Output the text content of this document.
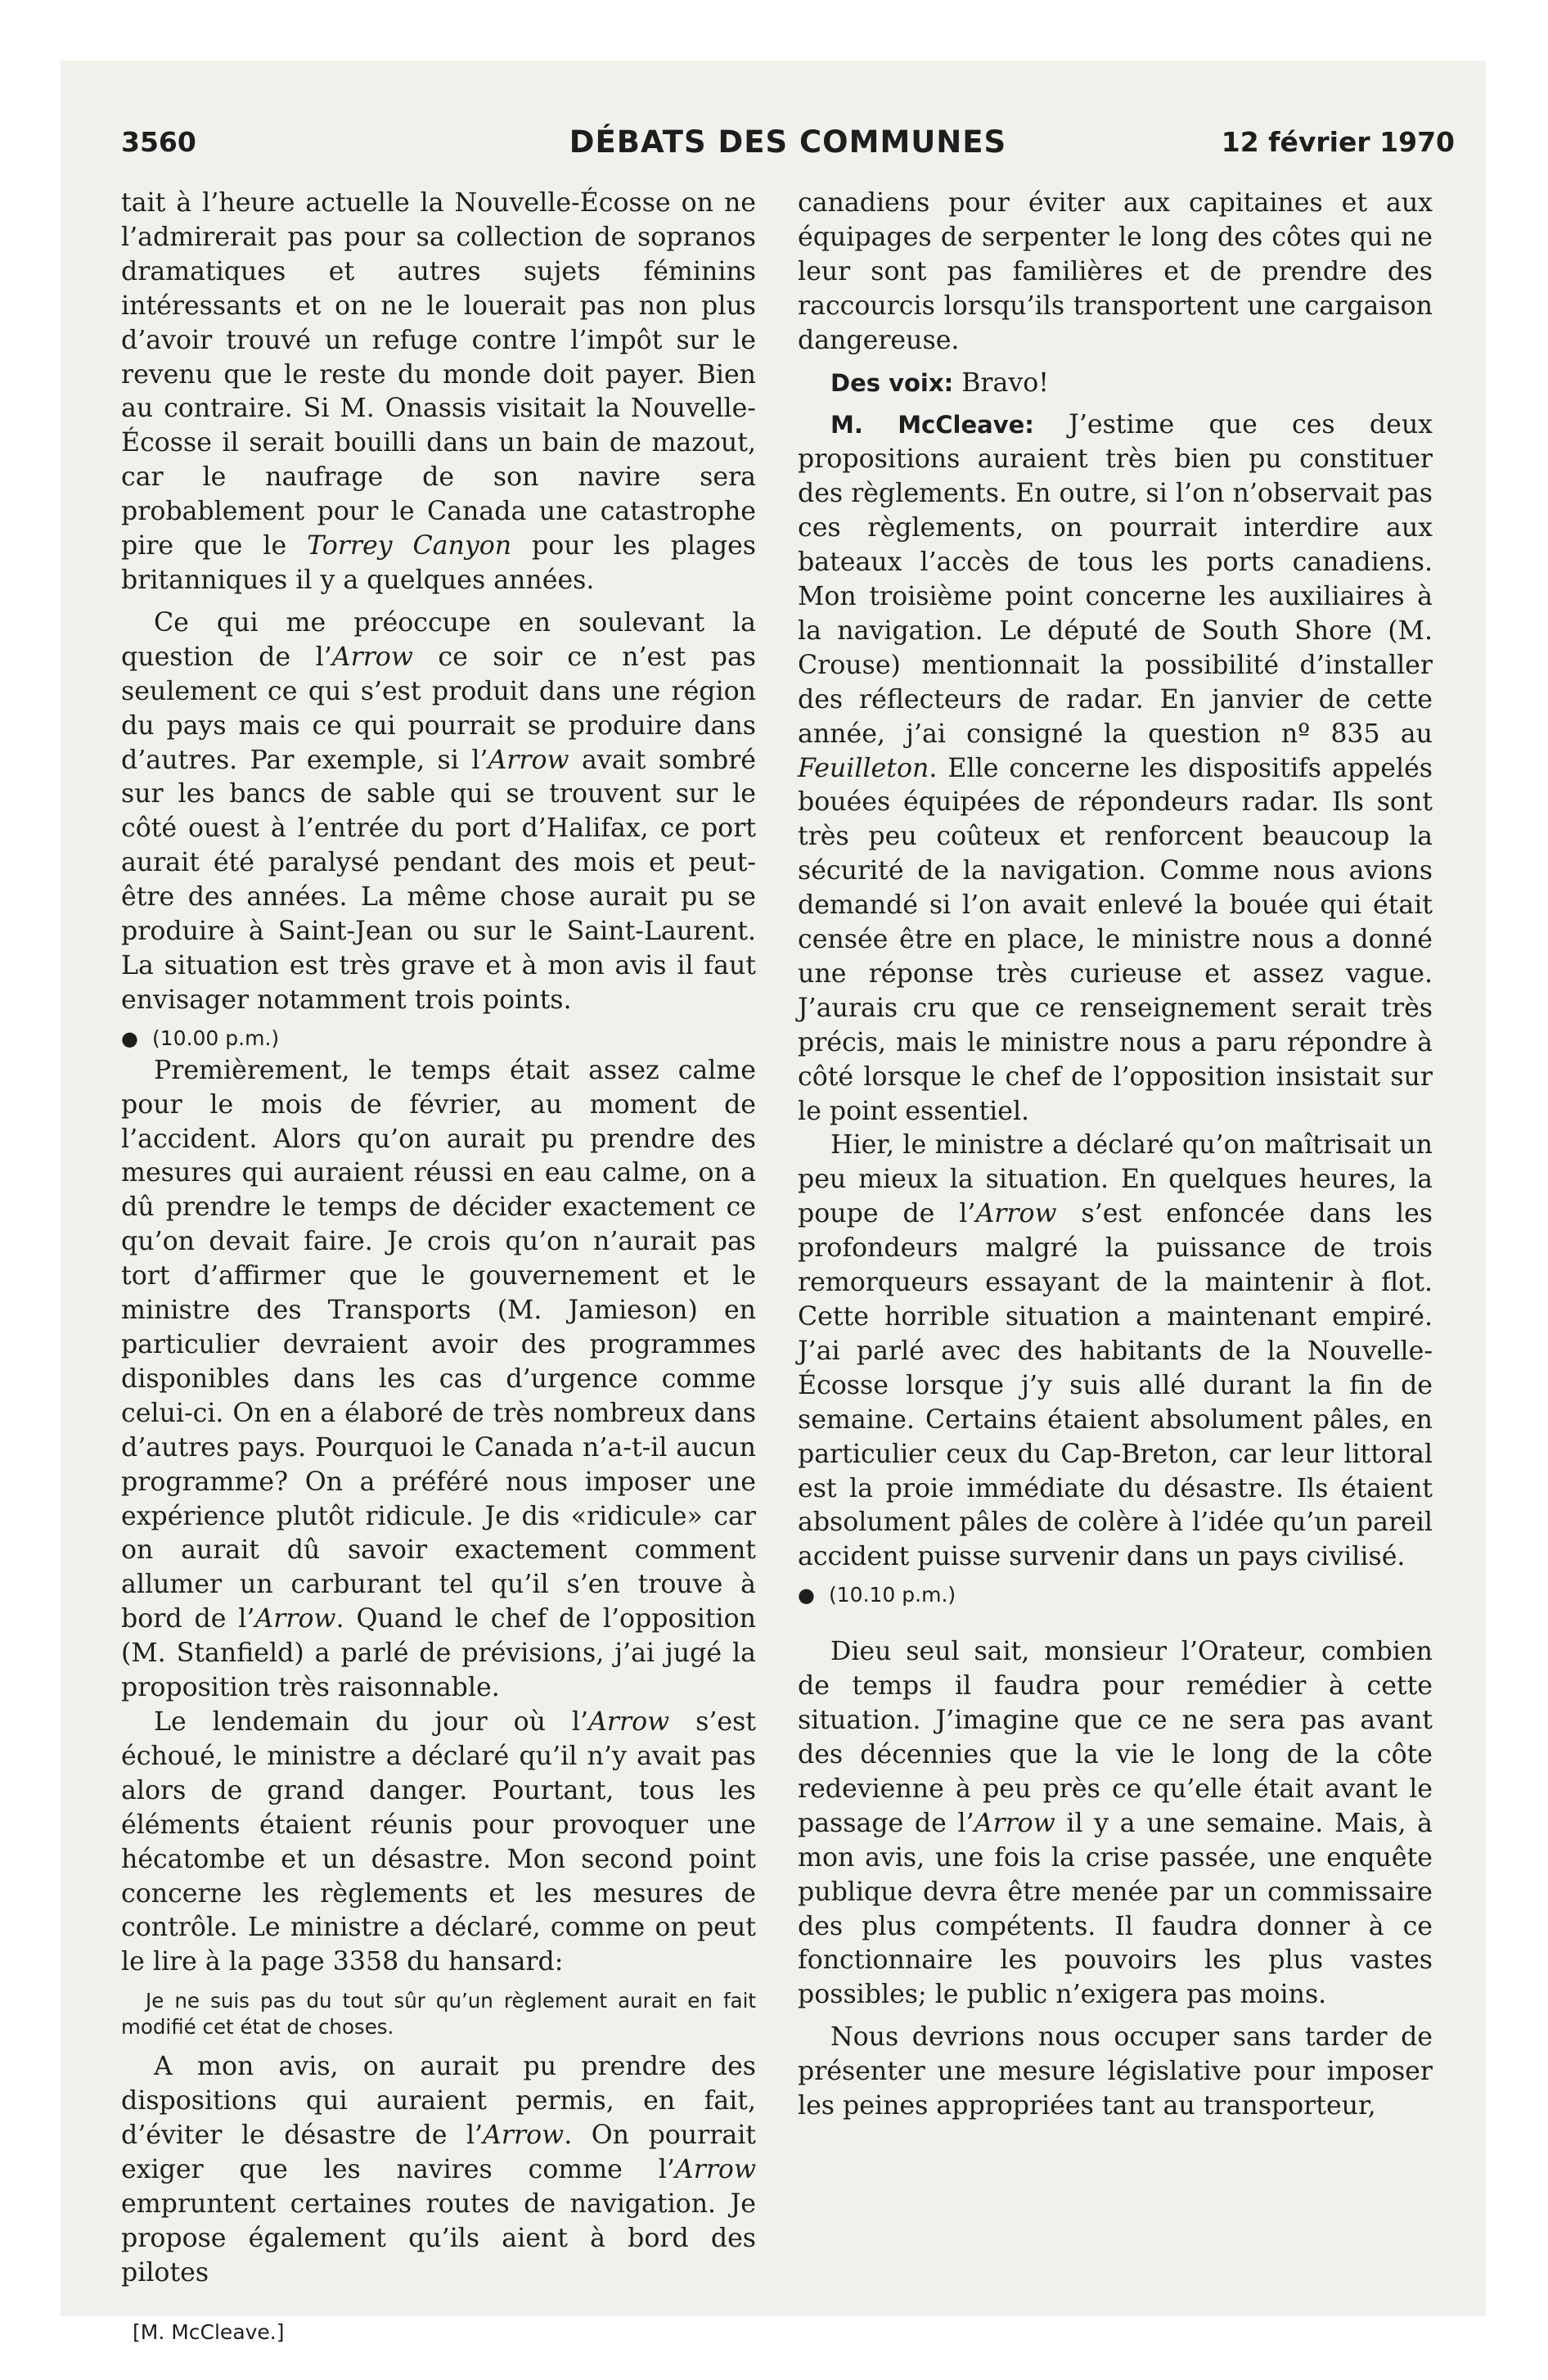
3560	DÉBATS DES COMMUNES	12 février 1970

tait à l’heure actuelle la Nouvelle-Écosse on ne l’admirerait pas pour sa collection de sopranos dramatiques et autres sujets féminins intéressants et on ne le louerait pas non plus d’avoir trouvé un refuge contre l’impôt sur le revenu que le reste du monde doit payer. Bien au contraire. Si M. Onassis visitait la Nouvelle-Écosse il serait bouilli dans un bain de mazout, car le naufrage de son navire sera probablement pour le Canada une catastrophe pire que le Torrey Canyon pour les plages britanniques il y a quelques années.

Ce qui me préoccupe en soulevant la question de l’Arrow ce soir ce n’est pas seulement ce qui s’est produit dans une région du pays mais ce qui pourrait se produire dans d’autres. Par exemple, si l’Arrow avait sombré sur les bancs de sable qui se trouvent sur le côté ouest à l’entrée du port d’Halifax, ce port aurait été paralysé pendant des mois et peut-être des années. La même chose aurait pu se produire à Saint-Jean ou sur le Saint-Laurent. La situation est très grave et à mon avis il faut envisager notamment trois points.

● (10.00 p.m.)

Premièrement, le temps était assez calme pour le mois de février, au moment de l’accident. Alors qu’on aurait pu prendre des mesures qui auraient réussi en eau calme, on a dû prendre le temps de décider exactement ce qu’on devait faire. Je crois qu’on n’aurait pas tort d’affirmer que le gouvernement et le ministre des Transports (M. Jamieson) en particulier devraient avoir des programmes disponibles dans les cas d’urgence comme celui-ci. On en a élaboré de très nombreux dans d’autres pays. Pourquoi le Canada n’a-t-il aucun programme? On a préféré nous imposer une expérience plutôt ridicule. Je dis «ridicule» car on aurait dû savoir exactement comment allumer un carburant tel qu’il s’en trouve à bord de l’Arrow. Quand le chef de l’opposition (M. Stanfield) a parlé de prévisions, j’ai jugé la proposition très raisonnable.

Le lendemain du jour où l’Arrow s’est échoué, le ministre a déclaré qu’il n’y avait pas alors de grand danger. Pourtant, tous les éléments étaient réunis pour provoquer une hécatombe et un désastre. Mon second point concerne les règlements et les mesures de contrôle. Le ministre a déclaré, comme on peut le lire à la page 3358 du hansard:

Je ne suis pas du tout sûr qu’un règlement aurait en fait modifié cet état de choses.

A mon avis, on aurait pu prendre des dispositions qui auraient permis, en fait, d’éviter le désastre de l’Arrow. On pourrait exiger que les navires comme l’Arrow empruntent certaines routes de navigation. Je propose également qu’ils aient à bord des pilotes

[M. McCleave.]

canadiens pour éviter aux capitaines et aux équipages de serpenter le long des côtes qui ne leur sont pas familières et de prendre des raccourcis lorsqu’ils transportent une cargaison dangereuse.

Des voix: Bravo!

M. McCleave: J’estime que ces deux propositions auraient très bien pu constituer des règlements. En outre, si l’on n’observait pas ces règlements, on pourrait interdire aux bateaux l’accès de tous les ports canadiens. Mon troisième point concerne les auxiliaires à la navigation. Le député de South Shore (M. Crouse) mentionnait la possibilité d’installer des réflecteurs de radar. En janvier de cette année, j’ai consigné la question nº 835 au Feuilleton. Elle concerne les dispositifs appelés bouées équipées de répondeurs radar. Ils sont très peu coûteux et renforcent beaucoup la sécurité de la navigation. Comme nous avions demandé si l’on avait enlevé la bouée qui était censée être en place, le ministre nous a donné une réponse très curieuse et assez vague. J’aurais cru que ce renseignement serait très précis, mais le ministre nous a paru répondre à côté lorsque le chef de l’opposition insistait sur le point essentiel.

Hier, le ministre a déclaré qu’on maîtrisait un peu mieux la situation. En quelques heures, la poupe de l’Arrow s’est enfoncée dans les profondeurs malgré la puissance de trois remorqueurs essayant de la maintenir à flot. Cette horrible situation a maintenant empiré. J’ai parlé avec des habitants de la Nouvelle-Écosse lorsque j’y suis allé durant la fin de semaine. Certains étaient absolument pâles, en particulier ceux du Cap-Breton, car leur littoral est la proie immédiate du désastre. Ils étaient absolument pâles de colère à l’idée qu’un pareil accident puisse survenir dans un pays civilisé.

● (10.10 p.m.)

Dieu seul sait, monsieur l’Orateur, combien de temps il faudra pour remédier à cette situation. J’imagine que ce ne sera pas avant des décennies que la vie le long de la côte redevienne à peu près ce qu’elle était avant le passage de l’Arrow il y a une semaine. Mais, à mon avis, une fois la crise passée, une enquête publique devra être menée par un commissaire des plus compétents. Il faudra donner à ce fonctionnaire les pouvoirs les plus vastes possibles; le public n’exigera pas moins.

Nous devrions nous occuper sans tarder de présenter une mesure législative pour imposer les peines appropriées tant au transporteur,
